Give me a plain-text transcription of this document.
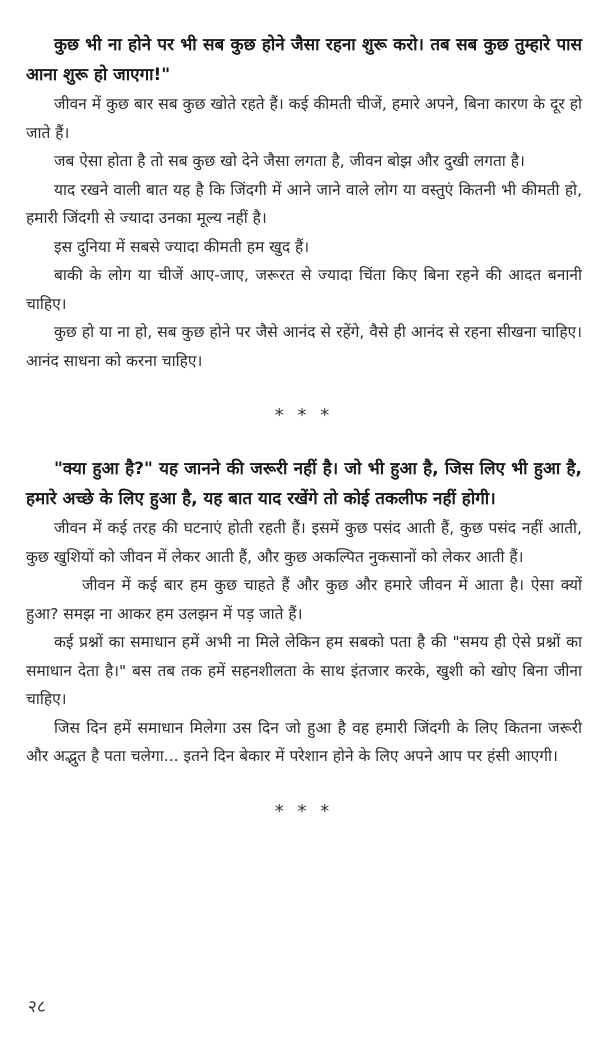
कुछ भी ना होने पर भी सब कुछ होने जैसा रहना शुरू करो। तब सब कुछ तुम्हारे पास आना शुरू हो जाएगा!"

जीवन में कुछ बार सब कुछ खोते रहते हैं। कई कीमती चीजें, हमारे अपने, बिना कारण के दूर हो जाते हैं।

जब ऐसा होता है तो सब कुछ खो देने जैसा लगता है, जीवन बोझ और दुखी लगता है।

याद रखने वाली बात यह है कि जिंदगी में आने जाने वाले लोग या वस्तुएं कितनी भी कीमती हो, हमारी जिंदगी से ज्यादा उनका मूल्य नहीं है।

इस दुनिया में सबसे ज्यादा कीमती हम खुद हैं।

बाकी के लोग या चीजें आए-जाए, जरूरत से ज्यादा चिंता किए बिना रहने की आदत बनानी चाहिए।

कुछ हो या ना हो, सब कुछ होने पर जैसे आनंद से रहेंगे, वैसे ही आनंद से रहना सीखना चाहिए। आनंद साधना को करना चाहिए।

* * *

"क्या हुआ है?" यह जानने की जरूरी नहीं है। जो भी हुआ है, जिस लिए भी हुआ है, हमारे अच्छे के लिए हुआ है, यह बात याद रखेंगे तो कोई तकलीफ नहीं होगी।

जीवन में कई तरह की घटनाएं होती रहती हैं। इसमें कुछ पसंद आती हैं, कुछ पसंद नहीं आती, कुछ खुशियों को जीवन में लेकर आती हैं, और कुछ अकल्पित नुकसानों को लेकर आती हैं।

जीवन में कई बार हम कुछ चाहते हैं और कुछ और हमारे जीवन में आता है। ऐसा क्यों हुआ? समझ ना आकर हम उलझन में पड़ जाते हैं।

कई प्रश्नों का समाधान हमें अभी ना मिले लेकिन हम सबको पता है की "समय ही ऐसे प्रश्नों का समाधान देता है।" बस तब तक हमें सहनशीलता के साथ इंतजार करके, खुशी को खोए बिना जीना चाहिए।

जिस दिन हमें समाधान मिलेगा उस दिन जो हुआ है वह हमारी जिंदगी के लिए कितना जरूरी और अद्भुत है पता चलेगा... इतने दिन बेकार में परेशान होने के लिए अपने आप पर हंसी आएगी।

* * *
२८
